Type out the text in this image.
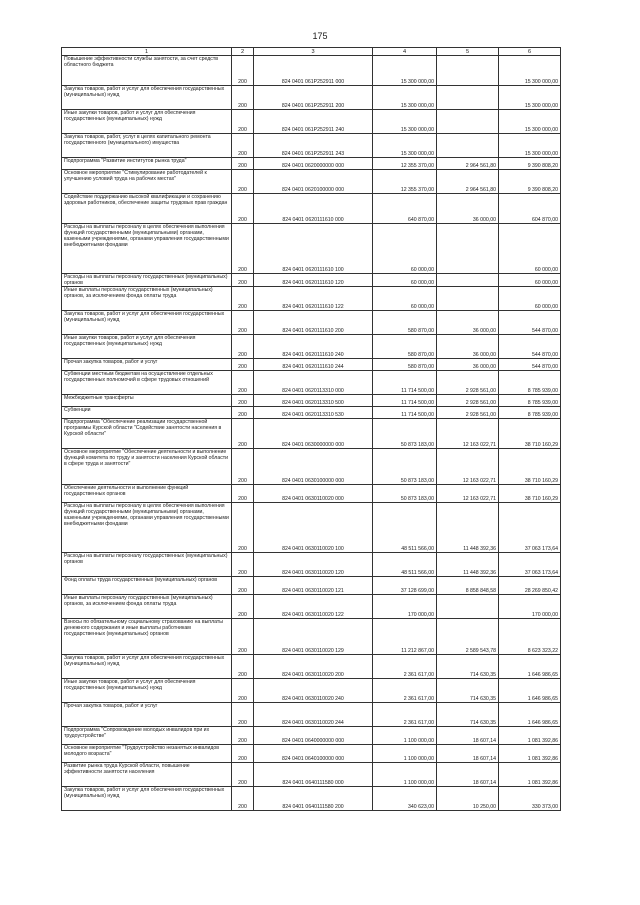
175
1	2	3	4	5	6
Повышение эффективности службы занятости, за счет средств областного бюджета	200	824 0401 061P252911 000	15 300 000,00		15 300 000,00
Закупка товаров, работ и услуг для обеспечения государственных (муниципальных) нужд	200	824 0401 061P252911 200	15 300 000,00		15 300 000,00
Иные закупки товаров, работ и услуг для обеспечения государственных (муниципальных) нужд	200	824 0401 061P252911 240	15 300 000,00		15 300 000,00
Закупка товаров, работ, услуг в целях капитального ремонта государственного (муниципального) имущества	200	824 0401 061P252911 243	15 300 000,00		15 300 000,00
Подпрограмма "Развитие институтов рынка труда"	200	824 0401 0620000000 000	12 355 370,00	2 964 561,80	9 390 808,20
Основное мероприятие "Стимулирование работодателей к улучшению условий труда на рабочих местах"	200	824 0401 0620100000 000	12 355 370,00	2 964 561,80	9 390 808,20
Содействие поддержанию высокой квалификации и сохранению здоровья работников, обеспечение защиты трудовых прав граждан	200	824 0401 0620111610 000	640 870,00	36 000,00	604 870,00
Расходы на выплаты персоналу в целях обеспечения выполнения функций государственными (муниципальными) органами, казенными учреждениями, органами управления государственными внебюджетными фондами	200	824 0401 0620111610 100	60 000,00		60 000,00
Расходы на выплаты персоналу государственных (муниципальных) органов	200	824 0401 0620111610 120	60 000,00		60 000,00
Иные выплаты персоналу государственных (муниципальных) органов, за исключением фонда оплаты труда	200	824 0401 0620111610 122	60 000,00		60 000,00
Закупка товаров, работ и услуг для обеспечения государственных (муниципальных) нужд	200	824 0401 0620111610 200	580 870,00	36 000,00	544 870,00
Иные закупки товаров, работ и услуг для обеспечения государственных (муниципальных) нужд	200	824 0401 0620111610 240	580 870,00	36 000,00	544 870,00
Прочая закупка товаров, работ и услуг	200	824 0401 0620111610 244	580 870,00	36 000,00	544 870,00
Субвенции местным бюджетам на осуществление отдельных государственных полномочий в сфере трудовых отношений	200	824 0401 0620113310 000	11 714 500,00	2 928 561,00	8 785 939,00
Межбюджетные трансферты	200	824 0401 0620113310 500	11 714 500,00	2 928 561,00	8 785 939,00
Субвенции	200	824 0401 0620113310 530	11 714 500,00	2 928 561,00	8 785 939,00
Подпрограмма "Обеспечение реализации государственной программы Курской области "Содействие занятости населения в Курской области"	200	824 0401 0630000000 000	50 873 183,00	12 163 022,71	38 710 160,29
Основное мероприятие "Обеспечение деятельности и выполнение функций комитета по труду и занятости населения Курской области в сфере труда и занятости"	200	824 0401 0630100000 000	50 873 183,00	12 163 022,71	38 710 160,29
Обеспечение деятельности и выполнение функций государственных органов	200	824 0401 0630110020 000	50 873 183,00	12 163 022,71	38 710 160,29
Расходы на выплаты персоналу в целях обеспечения выполнения функций государственными (муниципальными) органами, казенными учреждениями, органами управления государственными внебюджетными фондами	200	824 0401 0630110020 100	48 511 566,00	11 448 392,36	37 063 173,64
Расходы на выплаты персоналу государственных (муниципальных) органов	200	824 0401 0630110020 120	48 511 566,00	11 448 392,36	37 063 173,64
Фонд оплаты труда государственных (муниципальных) органов	200	824 0401 0630110020 121	37 128 699,00	8 858 848,58	28 269 850,42
Иные выплаты персоналу государственных (муниципальных) органов, за исключением фонда оплаты труда	200	824 0401 0630110020 122	170 000,00		170 000,00
Взносы по обязательному социальному страхованию на выплаты денежного содержания и иные выплаты работникам государственных (муниципальных) органов	200	824 0401 0630110020 129	11 212 867,00	2 589 543,78	8 623 323,22
Закупка товаров, работ и услуг для обеспечения государственных (муниципальных) нужд	200	824 0401 0630110020 200	2 361 617,00	714 630,35	1 646 986,65
Иные закупки товаров, работ и услуг для обеспечения государственных (муниципальных) нужд	200	824 0401 0630110020 240	2 361 617,00	714 630,35	1 646 986,65
Прочая закупка товаров, работ и услуг	200	824 0401 0630110020 244	2 361 617,00	714 630,35	1 646 986,65
Подпрограмма "Сопровождение молодых инвалидов при их трудоустройстве"	200	824 0401 0640000000 000	1 100 000,00	18 607,14	1 081 392,86
Основное мероприятие "Трудоустройство незанятых инвалидов молодого возраста"	200	824 0401 0640100000 000	1 100 000,00	18 607,14	1 081 392,86
Развитие рынка труда Курской области, повышение эффективности занятости населения	200	824 0401 0640111580 000	1 100 000,00	18 607,14	1 081 392,86
Закупка товаров, работ и услуг для обеспечения государственных (муниципальных) нужд	200	824 0401 0640111580 200	340 623,00	10 250,00	330 373,00
